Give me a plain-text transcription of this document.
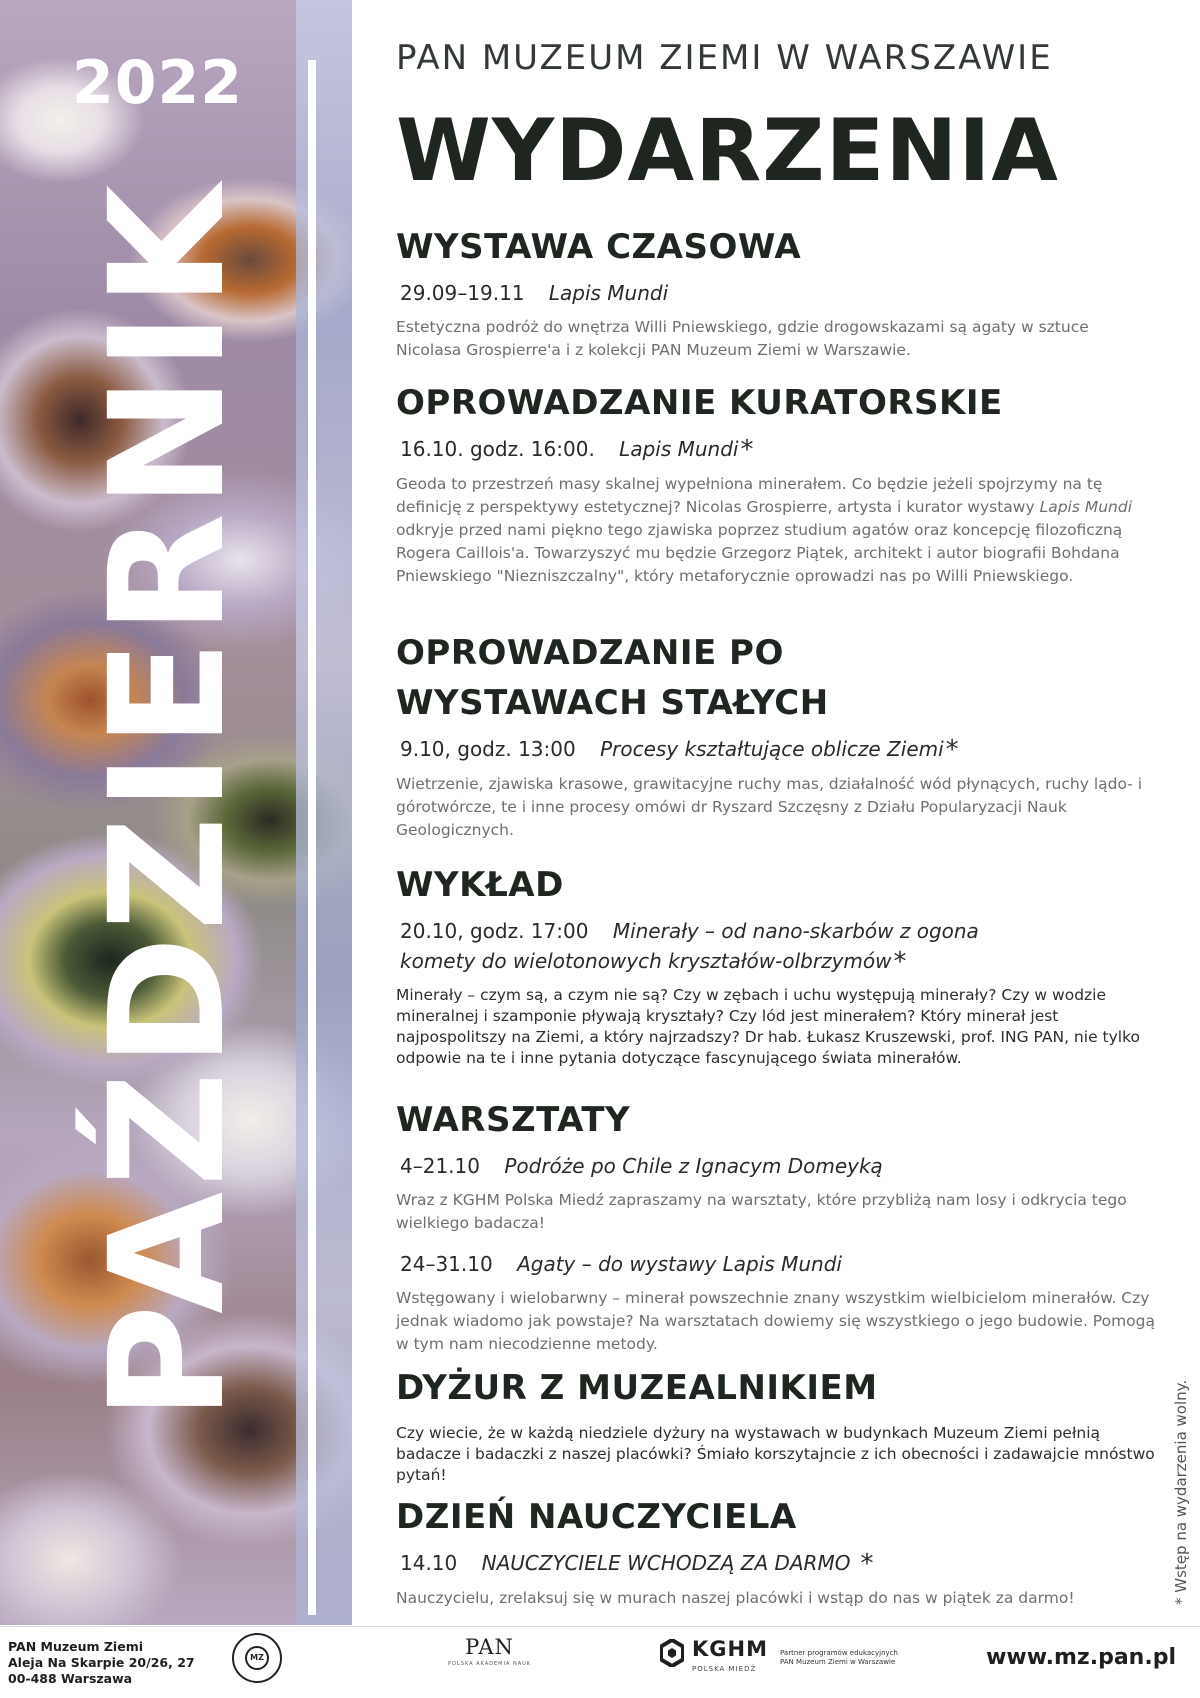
2022
PAŹDZIERNIK
PAN MUZEUM ZIEMI W WARSZAWIE
WYDARZENIA
WYSTAWA CZASOWA
29.09–19.11 Lapis Mundi

Estetyczna podróż do wnętrza Willi Pniewskiego, gdzie drogowskazami są agaty w sztuce Nicolasa Grospierre'a i z kolekcji PAN Muzeum Ziemi w Warszawie.

OPROWADZANIE KURATORSKIE
16.10. godz. 16:00. Lapis Mundi*

Geoda to przestrzeń masy skalnej wypełniona minerałem. Co będzie jeżeli spojrzymy na tę definicję z perspektywy estetycznej? Nicolas Grospierre, artysta i kurator wystawy Lapis Mundi odkryje przed nami piękno tego zjawiska poprzez studium agatów oraz koncepcję filozoficzną Rogera Caillois'a. Towarzyszyć mu będzie Grzegorz Piątek, architekt i autor biografii Bohdana Pniewskiego "Niezniszczalny", który metaforycznie oprowadzi nas po Willi Pniewskiego.

OPROWADZANIE PO
WYSTAWACH STAŁYCH
9.10, godz. 13:00 Procesy kształtujące oblicze Ziemi*

Wietrzenie, zjawiska krasowe, grawitacyjne ruchy mas, działalność wód płynących, ruchy lądo- i górotwórcze, te i inne procesy omówi dr Ryszard Szczęsny z Działu Popularyzacji Nauk Geologicznych.

WYKŁAD
20.10, godz. 17:00 Minerały – od nano-skarbów z ogona
komety do wielotonowych kryształów-olbrzymów*

Minerały – czym są, a czym nie są? Czy w zębach i uchu występują minerały? Czy w wodzie mineralnej i szamponie pływają kryształy? Czy lód jest minerałem? Który minerał jest najpospolitszy na Ziemi, a który najrzadszy? Dr hab. Łukasz Kruszewski, prof. ING PAN, nie tylko odpowie na te i inne pytania dotyczące fascynującego świata minerałów.

WARSZTATY
4–21.10 Podróże po Chile z Ignacym Domeyką

Wraz z KGHM Polska Miedź zapraszamy na warsztaty, które przybliżą nam losy i odkrycia tego wielkiego badacza!

24–31.10 Agaty – do wystawy Lapis Mundi

Wstęgowany i wielobarwny – minerał powszechnie znany wszystkim wielbicielom minerałów. Czy jednak wiadomo jak powstaje? Na warsztatach dowiemy się wszystkiego o jego budowie. Pomogą w tym nam niecodzienne metody.

DYŻUR Z MUZEALNIKIEM

Czy wiecie, że w każdą niedziele dyżury na wystawach w budynkach Muzeum Ziemi pełnią badacze i badaczki z naszej placówki? Śmiało korszytajncie z ich obecności i zadawajcie mnóstwo pytań!

DZIEŃ NAUCZYCIELA
14.10 NAUCZYCIELE WCHODZĄ ZA DARMO *

Nauczycielu, zrelaksuj się w murach naszej placówki i wstąp do nas w piątek za darmo!	* Wstęp na wydarzenia wolny.

PAN Muzeum Ziemi
Aleja Na Skarpie 20/26, 27
00-488 Warszawa

MZ	PAN
POLSKA AKADEMIA NAUK

KGHM

POLSKA MIEDŹ

Partner programów edukacyjnych
PAN Muzeum Ziemi w Warszawie	www.mz.pan.pl
